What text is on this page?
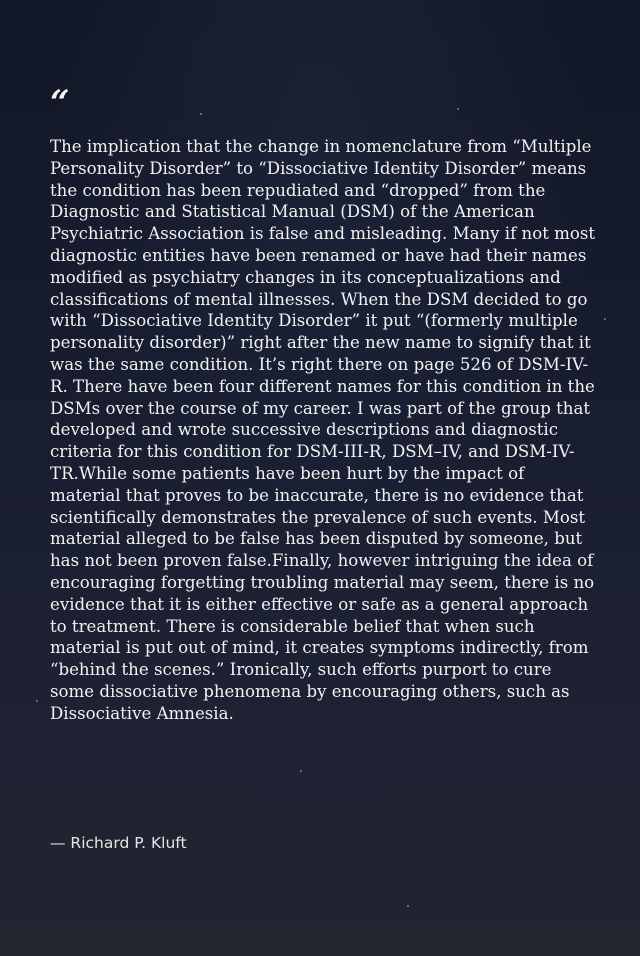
“

The implication that the change in nomenclature from “Multiple Personality Disorder” to “Dissociative Identity Disorder” means the condition has been repudiated and “dropped” from the Diagnostic and Statistical Manual (DSM) of the American Psychiatric Association is false and misleading. Many if not most diagnostic entities have been renamed or have had their names modified as psychiatry changes in its conceptualizations and classifications of mental illnesses. When the DSM decided to go with “Dissociative Identity Disorder” it put “(formerly multiple personality disorder)” right after the new name to signify that it was the same condition. It’s right there on page 526 of DSM-IV-R. There have been four different names for this condition in the DSMs over the course of my career. I was part of the group that developed and wrote successive descriptions and diagnostic criteria for this condition for DSM-III-R, DSM–IV, and DSM-IV-TR.While some patients have been hurt by the impact of material that proves to be inaccurate, there is no evidence that scientifically demonstrates the prevalence of such events. Most material alleged to be false has been disputed by someone, but has not been proven false.Finally, however intriguing the idea of encouraging forgetting troubling material may seem, there is no evidence that it is either effective or safe as a general approach to treatment. There is considerable belief that when such material is put out of mind, it creates symptoms indirectly, from “behind the scenes.” Ironically, such efforts purport to cure some dissociative phenomena by encouraging others, such as Dissociative Amnesia.

— Richard P. Kluft
